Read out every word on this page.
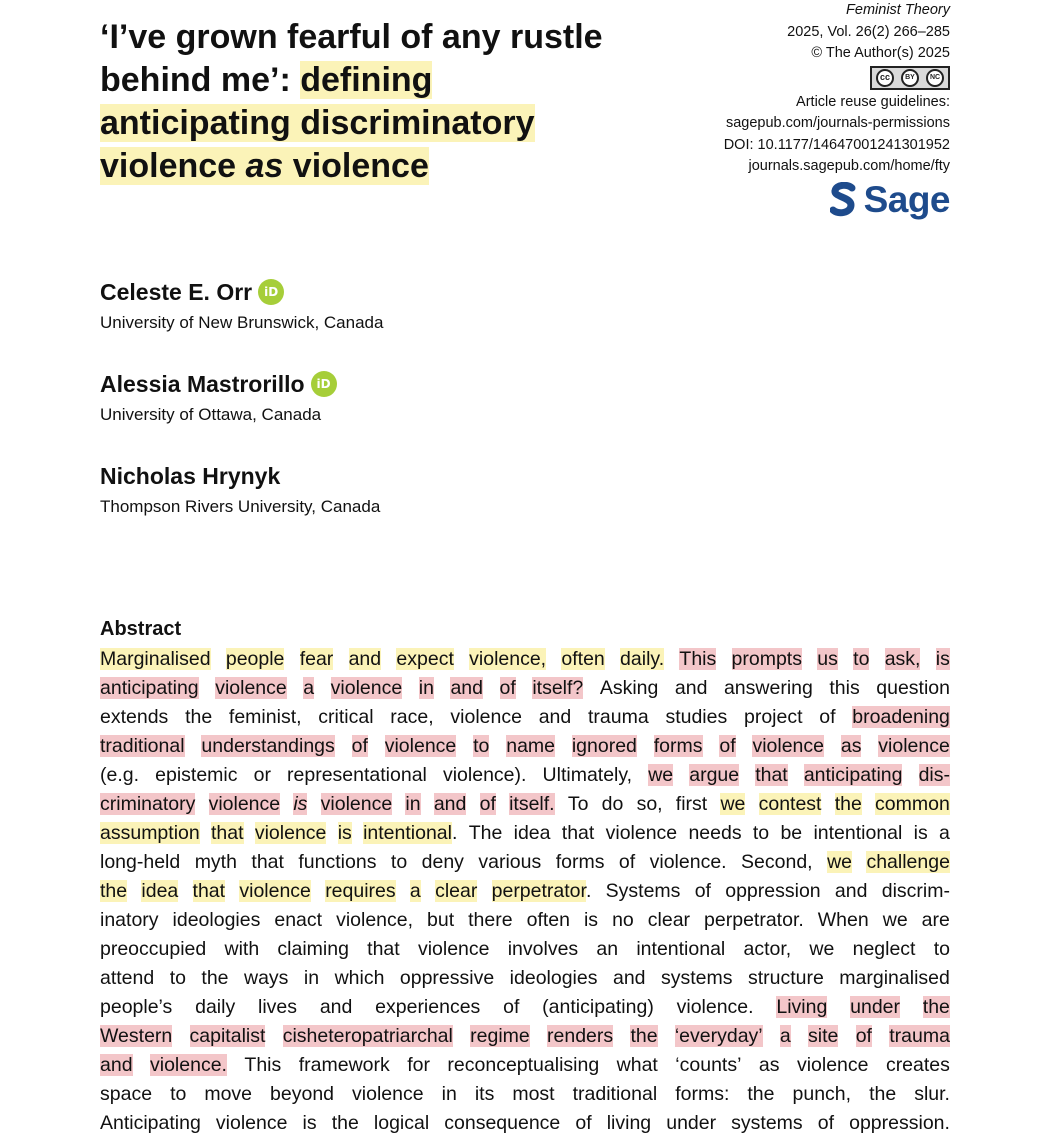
‘I’ve grown fearful of any rustle
behind me’: defining
anticipating discriminatory
violence as violence
Feminist Theory
2025, Vol. 26(2) 266–285
© The Author(s) 2025
cc	BY	NC
Article reuse guidelines:
sagepub.com/journals-permissions
DOI: 10.1177/14647001241301952
journals.sagepub.com/home/fty
Sage
Celeste E. Orr iD
University of New Brunswick, Canada
Alessia Mastrorillo iD
University of Ottawa, Canada
Nicholas Hrynyk
Thompson Rivers University, Canada
Abstract
Marginalised people fear and expect violence, often daily. This prompts us to ask, is
anticipating violence a violence in and of itself? Asking and answering this question
extends the feminist, critical race, violence and trauma studies project of broadening
traditional understandings of violence to name ignored forms of violence as violence
(e.g. epistemic or representational violence). Ultimately, we argue that anticipating dis-
criminatory violence is violence in and of itself. To do so, first we contest the common
assumption that violence is intentional. The idea that violence needs to be intentional is a
long-held myth that functions to deny various forms of violence. Second, we challenge
the idea that violence requires a clear perpetrator. Systems of oppression and discrim-
inatory ideologies enact violence, but there often is no clear perpetrator. When we are
preoccupied with claiming that violence involves an intentional actor, we neglect to
attend to the ways in which oppressive ideologies and systems structure marginalised
people’s daily lives and experiences of (anticipating) violence. Living under the
Western capitalist cisheteropatriarchal regime renders the ‘everyday’ a site of trauma
and violence. This framework for reconceptualising what ‘counts’ as violence creates
space to move beyond violence in its most traditional forms: the punch, the slur.
Anticipating violence is the logical consequence of living under systems of oppression.
